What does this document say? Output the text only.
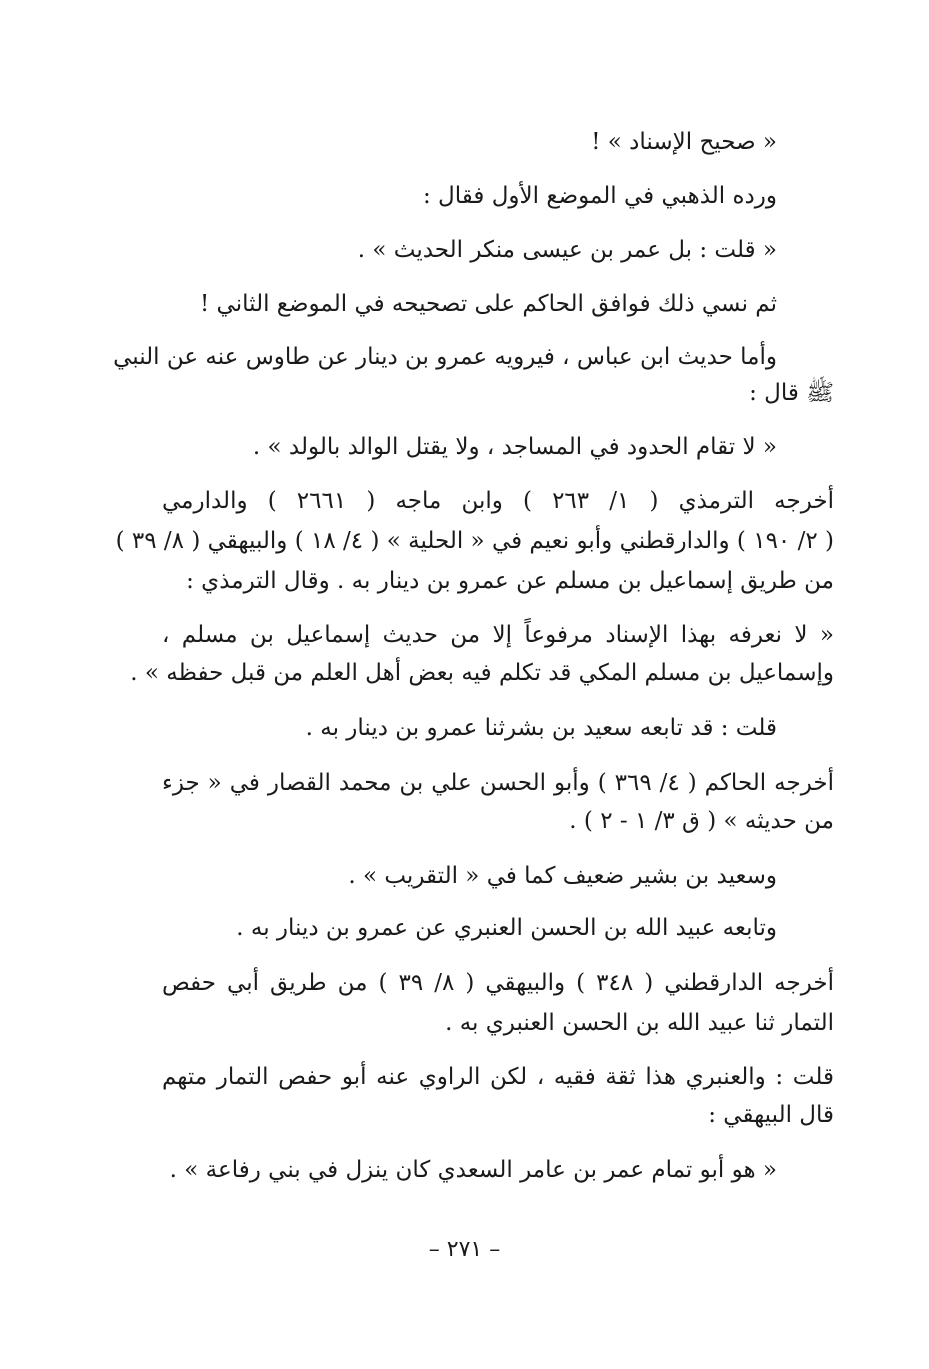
« صحيح الإسناد » !

ورده الذهبي في الموضع الأول فقال :

« قلت : بل عمر بن عيسى منكر الحديث » .

ثم نسي ذلك فوافق الحاكم على تصحيحه في الموضع الثاني !

وأما حديث ابن عباس ، فيرويه عمرو بن دينار عن طاوس عنه عن النبي

ﷺ قال :

« لا تقام الحدود في المساجد ، ولا يقتل الوالد بالولد » .

أخرجه الترمذي ( ١/ ٢٦٣ ) وابن ماجه ( ٢٦٦١ ) والدارمي

( ٢/ ١٩٠ ) والدارقطني وأبو نعيم في « الحلية » ( ٤/ ١٨ ) والبيهقي ( ٨/ ٣٩ )

من طريق إسماعيل بن مسلم عن عمرو بن دينار به . وقال الترمذي :

« لا نعرفه بهذا الإسناد مرفوعاً إلا من حديث إسماعيل بن مسلم ،

وإسماعيل بن مسلم المكي قد تكلم فيه بعض أهل العلم من قبل حفظه » .

قلت : قد تابعه سعيد بن بشرثنا عمرو بن دينار به .

أخرجه الحاكم ( ٤/ ٣٦٩ ) وأبو الحسن علي بن محمد القصار في « جزء

من حديثه » ( ق ٣/ ١ - ٢ ) .

وسعيد بن بشير ضعيف كما في « التقريب » .

وتابعه عبيد الله بن الحسن العنبري عن عمرو بن دينار به .

أخرجه الدارقطني ( ٣٤٨ ) والبيهقي ( ٨/ ٣٩ ) من طريق أبي حفص

التمار ثنا عبيد الله بن الحسن العنبري به .

قلت : والعنبري هذا ثقة فقيه ، لكن الراوي عنه أبو حفص التمار متهم

قال البيهقي :

« هو أبو تمام عمر بن عامر السعدي كان ينزل في بني رفاعة » .

– ٢٧١ –
